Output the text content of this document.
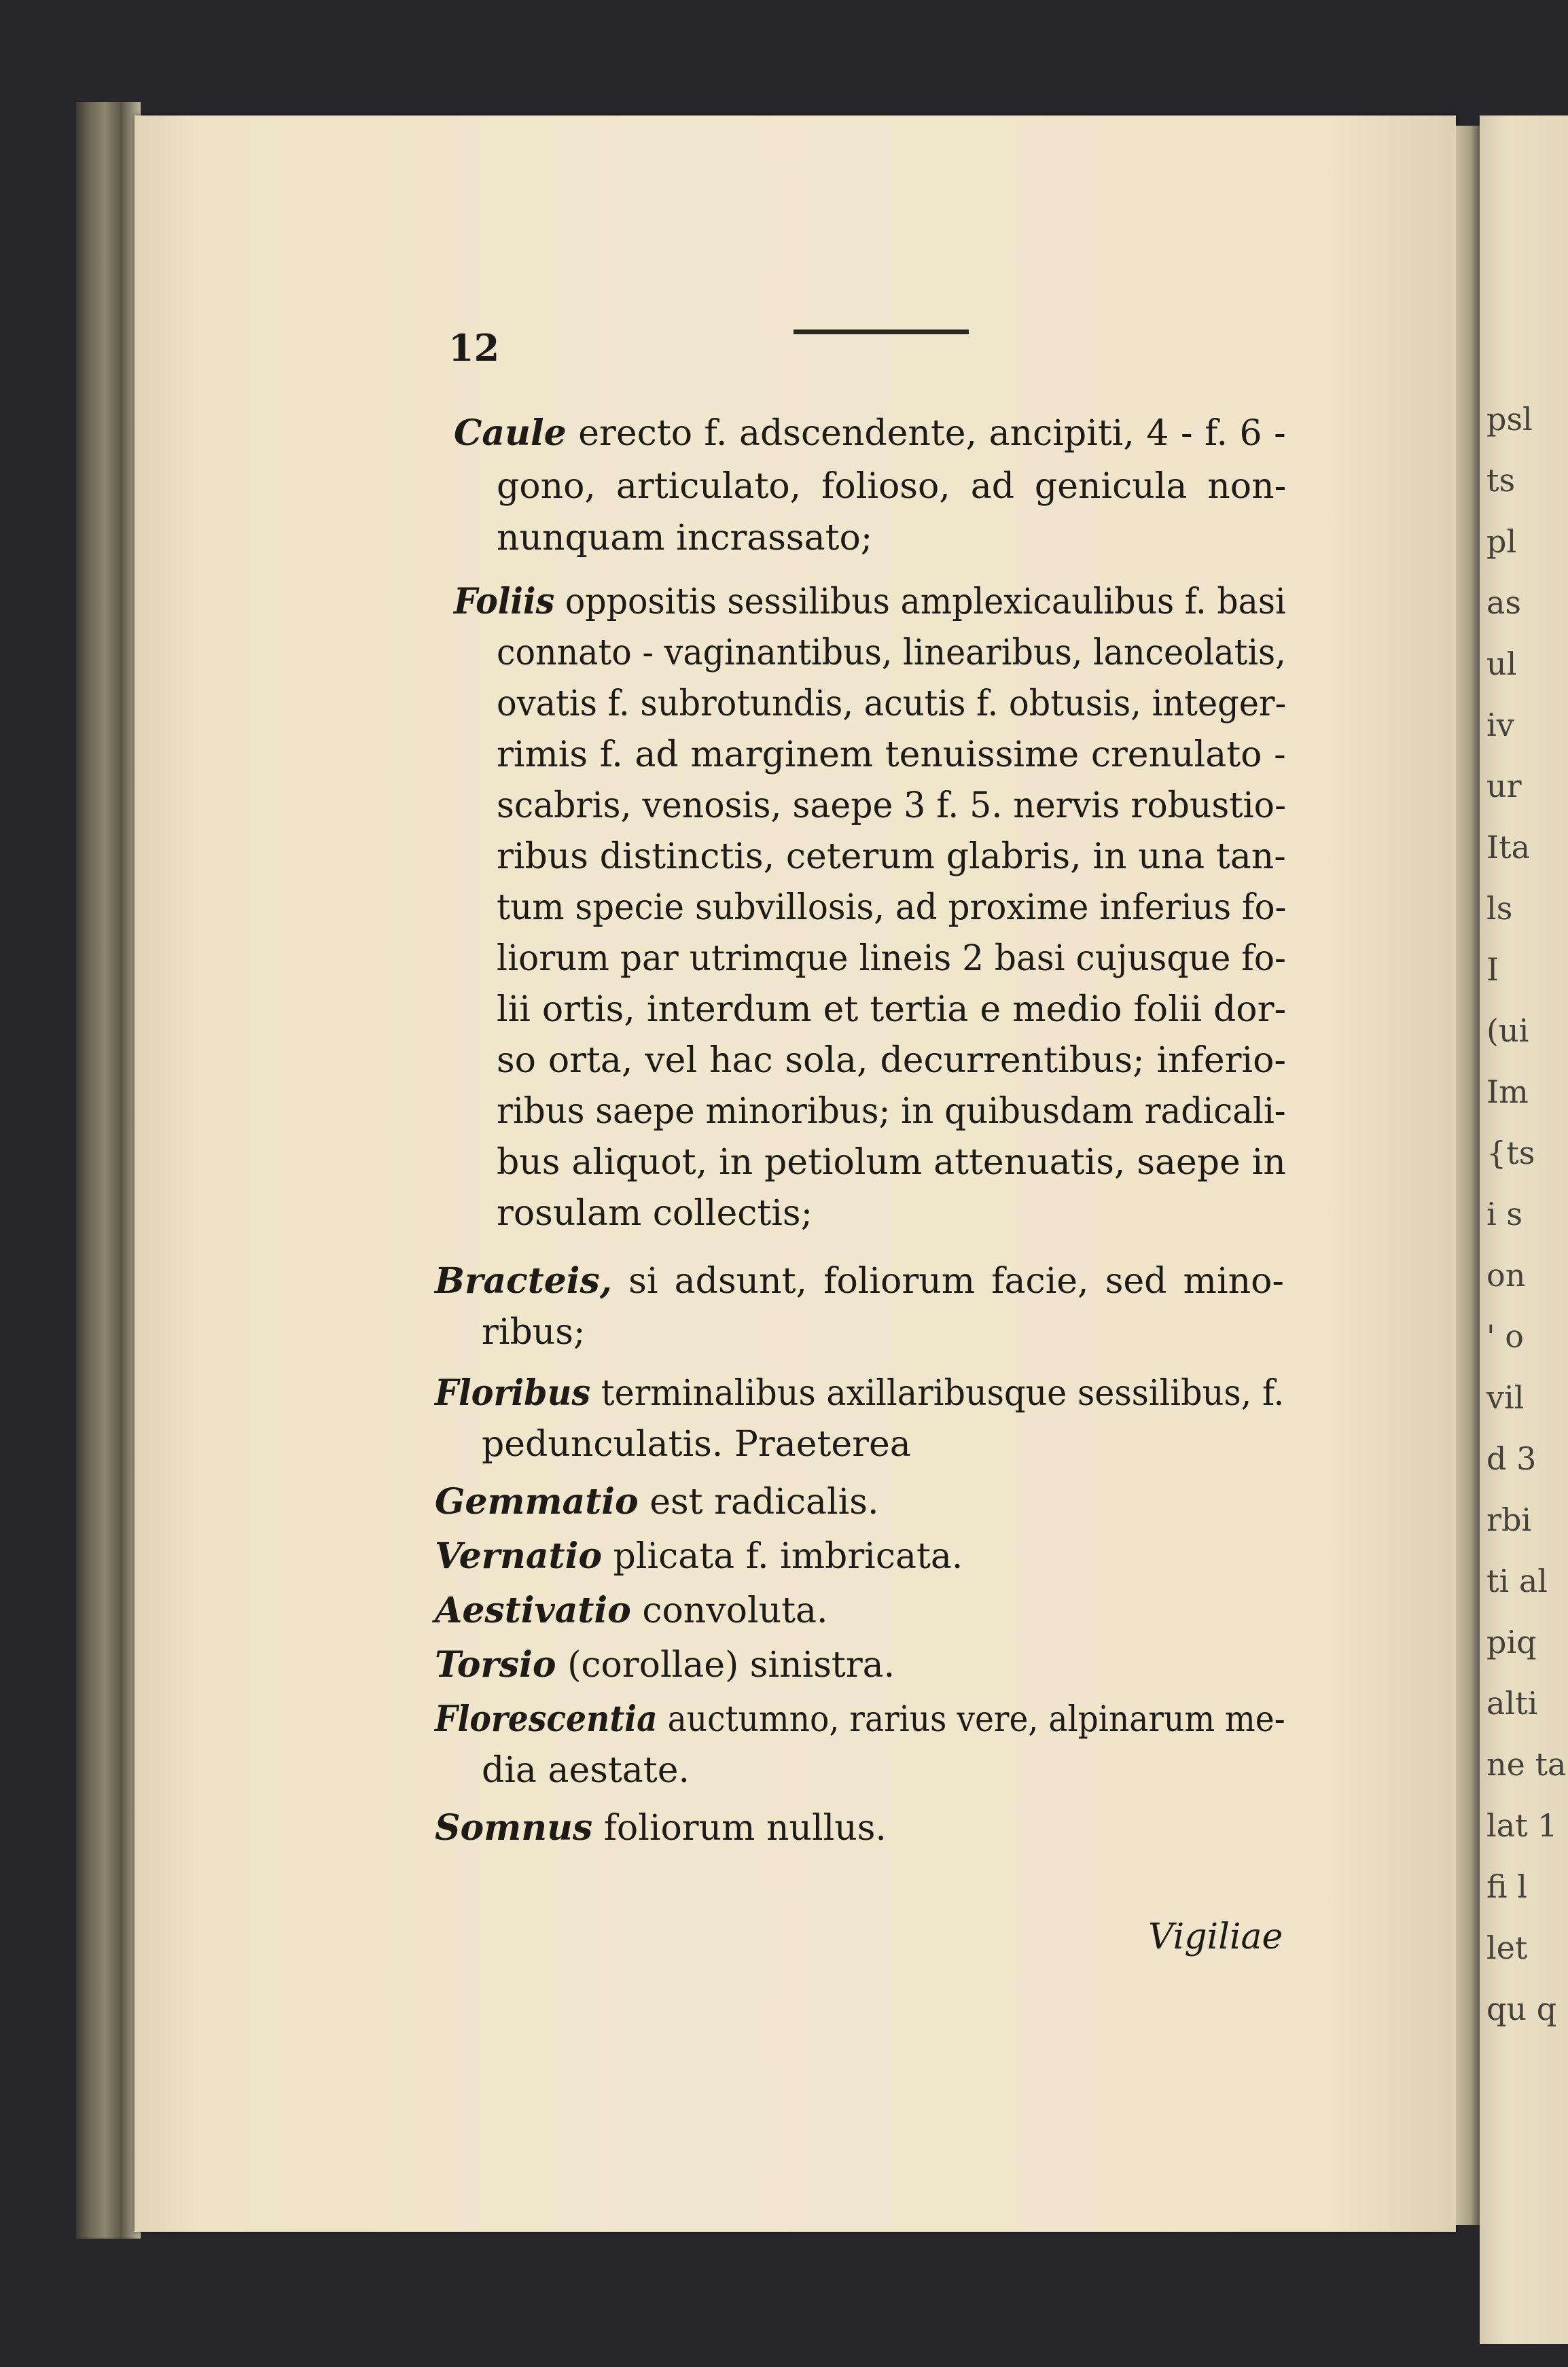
psl
ts
pl
as
ul
iv
ur
Ita
ls
I
(ui
Im
{ts
i s
on
' o
vil
d 3
rbi
ti al
piq
alti
ne ta
lat 1
fi l
let
qu q
12
Caule erecto f. adscendente, ancipiti, 4 - f. 6 -
gono, articulato, folioso, ad genicula non-
nunquam incrassato;
Foliis oppositis sessilibus amplexicaulibus f. basi
connato - vaginantibus, linearibus, lanceolatis,
ovatis f. subrotundis, acutis f. obtusis, integer-
rimis f. ad marginem tenuissime crenulato -
scabris, venosis, saepe 3 f. 5. nervis robustio-
ribus distinctis, ceterum glabris, in una tan-
tum specie subvillosis, ad proxime inferius fo-
liorum par utrimque lineis 2 basi cujusque fo-
lii ortis, interdum et tertia e medio folii dor-
so orta, vel hac sola, decurrentibus; inferio-
ribus saepe minoribus; in quibusdam radicali-
bus aliquot, in petiolum attenuatis, saepe in
rosulam collectis;
Bracteis, si adsunt, foliorum facie, sed mino-
ribus;
Floribus terminalibus axillaribusque sessilibus, f.
pedunculatis. Praeterea
Gemmatio est radicalis.
Vernatio plicata f. imbricata.
Aestivatio convoluta.
Torsio (corollae) sinistra.
Florescentia auctumno, rarius vere, alpinarum me-
dia aestate.
Somnus foliorum nullus.
Vigiliae
